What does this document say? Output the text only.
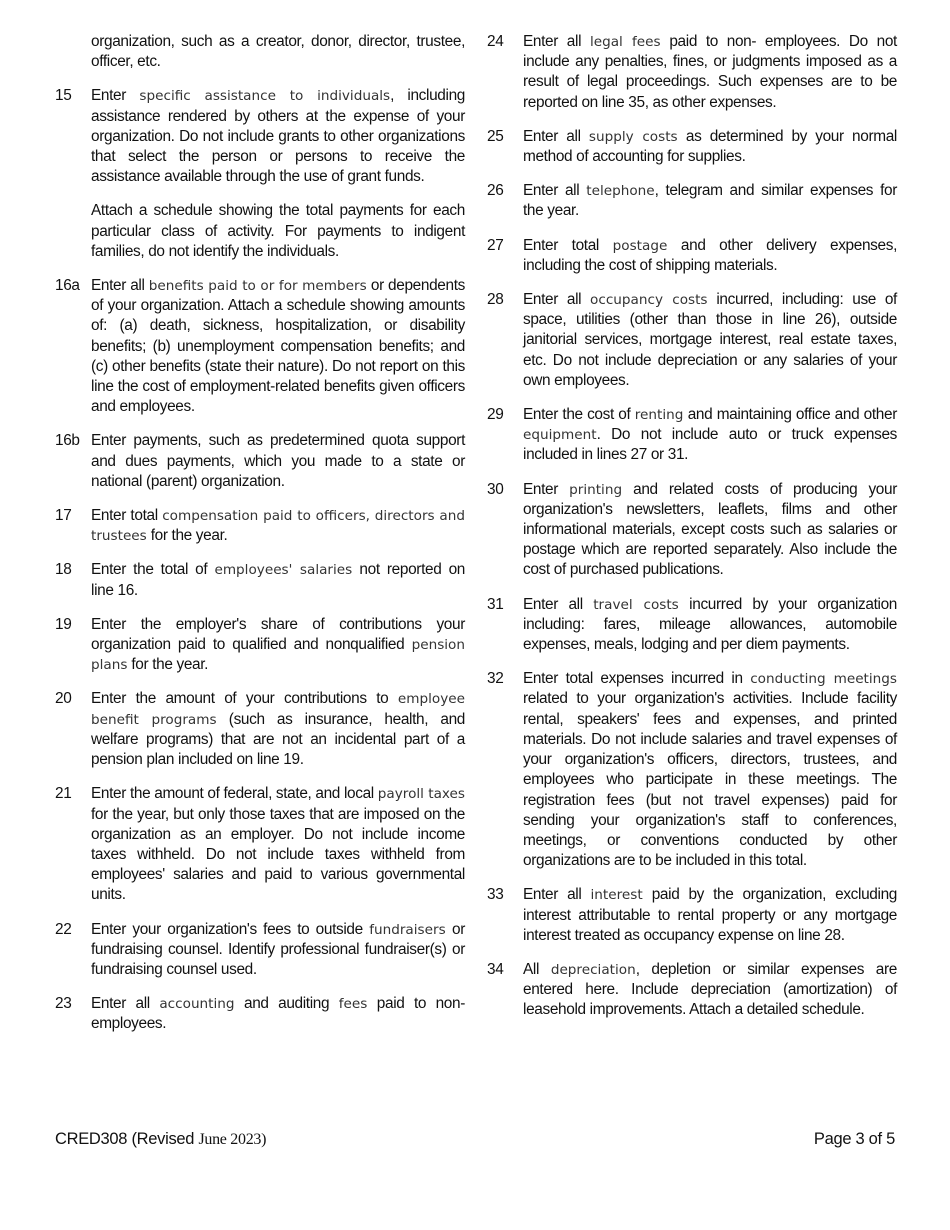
organization, such as a creator, donor, director, trustee, officer, etc.
15	Enter specific assistance to individuals, including assistance rendered by others at the expense of your organization. Do not include grants to other organizations that select the person or persons to receive the assistance available through the use of grant funds.

Attach a schedule showing the total payments for each particular class of activity. For payments to indigent families, do not identify the individuals.

16a Enter all benefits paid to or for members or dependents of your organization. Attach a schedule showing amounts of: (a) death, sickness, hospitalization, or disability benefits; (b) unemployment compensation benefits; and (c) other benefits (state their nature). Do not report on this line the cost of employment-related benefits given officers and employees.

16b Enter payments, such as predetermined quota support and dues payments, which you made to a state or national (parent) organization.

17	Enter total compensation paid to officers, directors and trustees for the year.

18	Enter the total of employees' salaries not reported on line 16.

19	Enter the employer's share of contributions your organization paid to qualified and nonqualified pension plans for the year.

20	Enter the amount of your contributions to employee benefit programs (such as insurance, health, and welfare programs) that are not an incidental part of a pension plan included on line 19.

21	Enter the amount of federal, state, and local payroll taxes for the year, but only those taxes that are imposed on the organization as an employer. Do not include income taxes withheld. Do not include taxes withheld from employees' salaries and paid to various governmental units.

22	Enter your organization's fees to outside fundraisers or fundraising counsel. Identify professional fundraiser(s) or fundraising counsel used.

23	Enter all accounting and auditing fees paid to non-employees.

24	Enter all legal fees paid to non- employees. Do not include any penalties, fines, or judgments imposed as a result of legal proceedings. Such expenses are to be reported on line 35, as other expenses.

25	Enter all supply costs as determined by your normal method of accounting for supplies.

26	Enter all telephone, telegram and similar expenses for the year.

27	Enter total postage and other delivery expenses, including the cost of shipping materials.

28	Enter all occupancy costs incurred, including: use of space, utilities (other than those in line 26), outside janitorial services, mortgage interest, real estate taxes, etc. Do not include depreciation or any salaries of your own employees.

29	Enter the cost of renting and maintaining office and other equipment. Do not include auto or truck expenses included in lines 27 or 31.

30	Enter printing and related costs of producing your organization's newsletters, leaflets, films and other informational materials, except costs such as salaries or postage which are reported separately. Also include the cost of purchased publications.

31	Enter all travel costs incurred by your organization including: fares, mileage allowances, automobile expenses, meals, lodging and per diem payments.

32	Enter total expenses incurred in conducting meetings related to your organization's activities. Include facility rental, speakers' fees and expenses, and printed materials. Do not include salaries and travel expenses of your organization's officers, directors, trustees, and employees who participate in these meetings. The registration fees (but not travel expenses) paid for sending your organization's staff to conferences, meetings, or conventions conducted by other organizations are to be included in this total.

33	Enter all interest paid by the organization, excluding interest attributable to rental property or any mortgage interest treated as occupancy expense on line 28.

34	All depreciation, depletion or similar expenses are entered here. Include depreciation (amortization) of leasehold improvements. Attach a detailed schedule.

CRED308 (Revised June 2023)	Page 3 of 5
